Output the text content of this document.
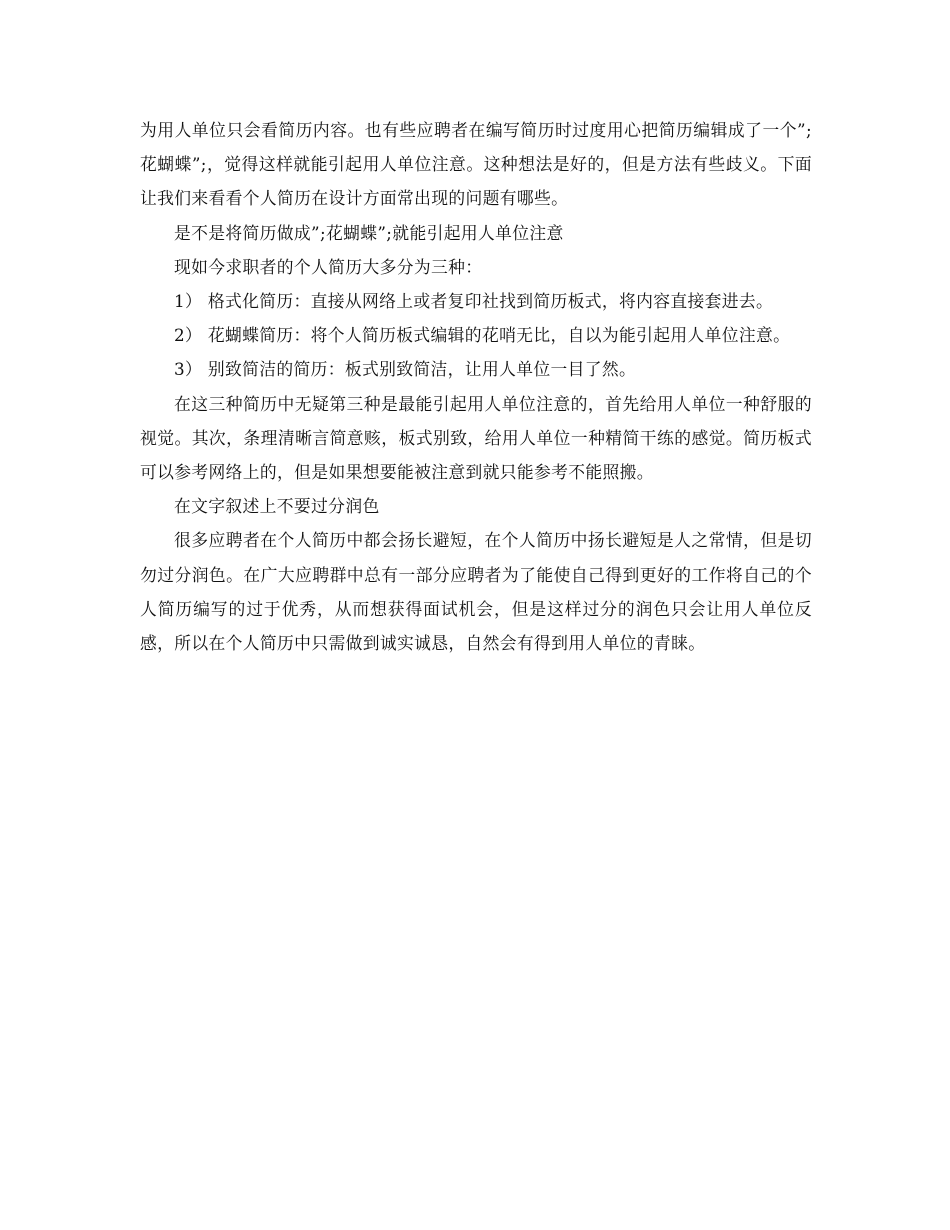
为用人单位只会看简历内容。也有些应聘者在编写简历时过度用心把简历编辑成了一个”;花蝴蝶”;，觉得这样就能引起用人单位注意。这种想法是好的，但是方法有些歧义。下面让我们来看看个人简历在设计方面常出现的问题有哪些。

是不是将简历做成”;花蝴蝶”;就能引起用人单位注意

现如今求职者的个人简历大多分为三种：

1） 格式化简历：直接从网络上或者复印社找到简历板式，将内容直接套进去。

2） 花蝴蝶简历：将个人简历板式编辑的花哨无比，自以为能引起用人单位注意。

3） 别致简洁的简历：板式别致简洁，让用人单位一目了然。

在这三种简历中无疑第三种是最能引起用人单位注意的，首先给用人单位一种舒服的视觉。其次，条理清晰言简意赅，板式别致，给用人单位一种精简干练的感觉。简历板式可以参考网络上的，但是如果想要能被注意到就只能参考不能照搬。

在文字叙述上不要过分润色

很多应聘者在个人简历中都会扬长避短，在个人简历中扬长避短是人之常情，但是切勿过分润色。在广大应聘群中总有一部分应聘者为了能使自己得到更好的工作将自己的个人简历编写的过于优秀，从而想获得面试机会，但是这样过分的润色只会让用人单位反感，所以在个人简历中只需做到诚实诚恳，自然会有得到用人单位的青睐。
